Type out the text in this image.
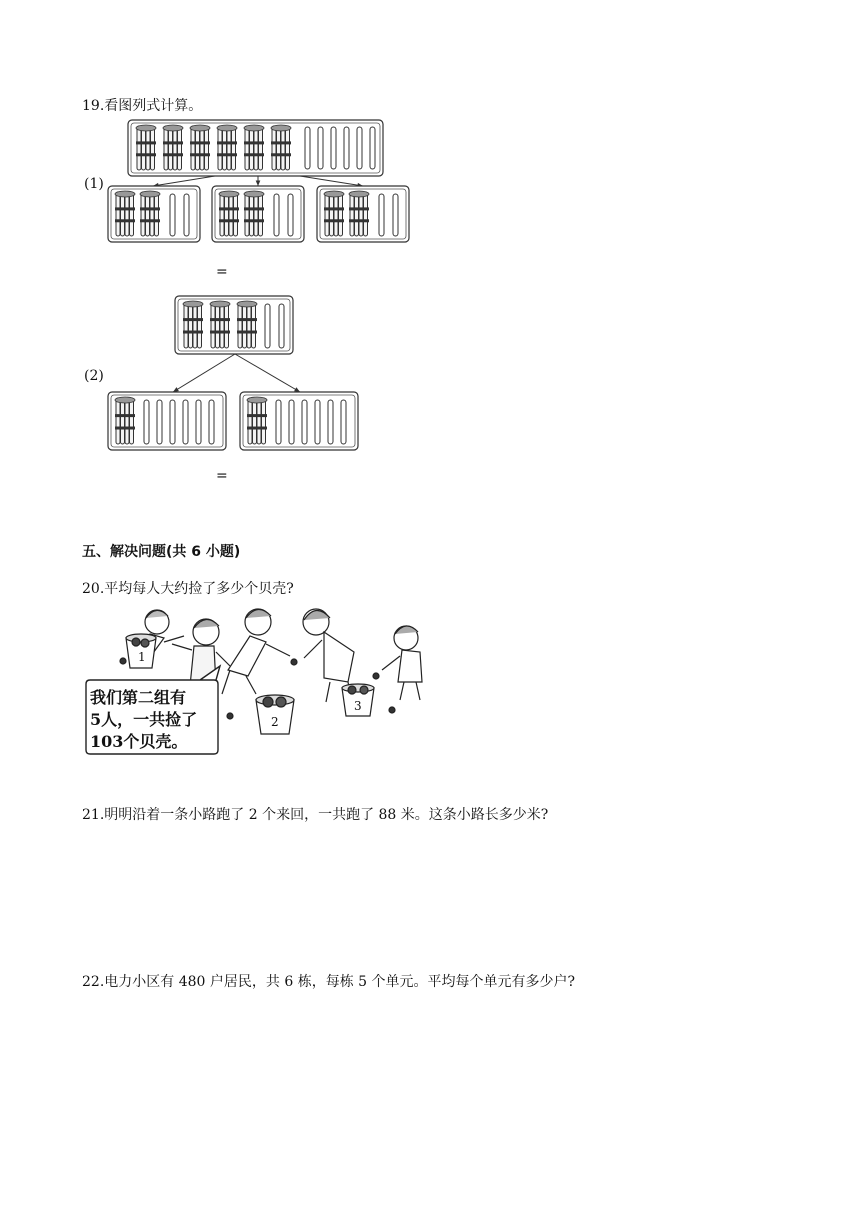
19.看图列式计算。
(1)
=
(2)
=
五、解决问题(共 6 小题)
20.平均每人大约捡了多少个贝壳?
1
2
3
我们第二组有
5人，一共捡了
103个贝壳。
21.明明沿着一条小路跑了 2 个来回，一共跑了 88 米。这条小路长多少米?
22.电力小区有 480 户居民，共 6 栋，每栋 5 个单元。平均每个单元有多少户?
